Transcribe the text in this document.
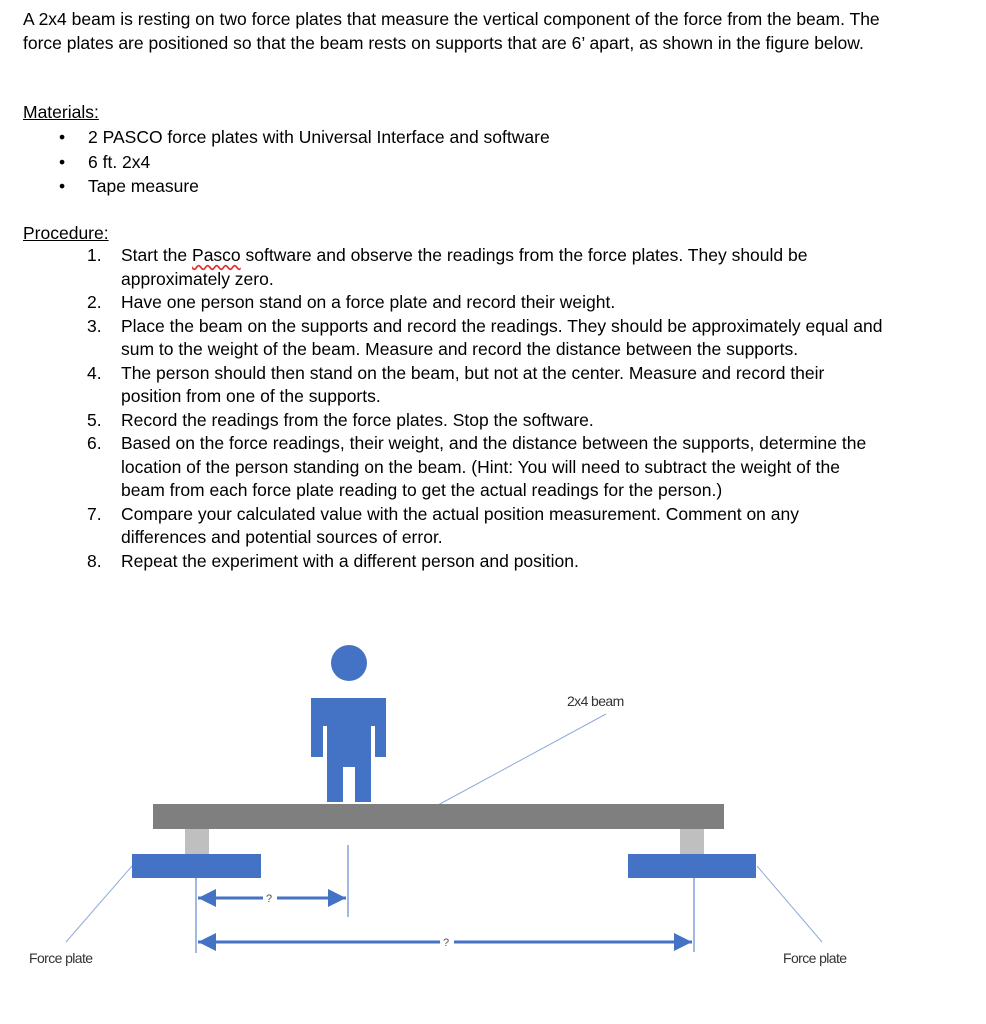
A 2x4 beam is resting on two force plates that measure the vertical component of the force from the beam. The force plates are positioned so that the beam rests on supports that are 6’ apart, as shown in the figure below.

Materials:

• 2 PASCO force plates with Universal Interface and software
• 6 ft. 2x4
• Tape measure

Procedure:

1.	Start the Pasco software and observe the readings from the force plates. They should be approximately zero.
2.	Have one person stand on a force plate and record their weight.
3.	Place the beam on the supports and record the readings. They should be approximately equal and sum to the weight of the beam. Measure and record the distance between the supports.
4.	The person should then stand on the beam, but not at the center. Measure and record their position from one of the supports.
5.	Record the readings from the force plates. Stop the software.
6.	Based on the force readings, their weight, and the distance between the supports, determine the location of the person standing on the beam. (Hint: You will need to subtract the weight of the beam from each force plate reading to get the actual readings for the person.)
7.	Compare your calculated value with the actual position measurement. Comment on any differences and potential sources of error.
8.	Repeat the experiment with a different person and position.
2x4 beam
?
?
Force plate	Force plate
